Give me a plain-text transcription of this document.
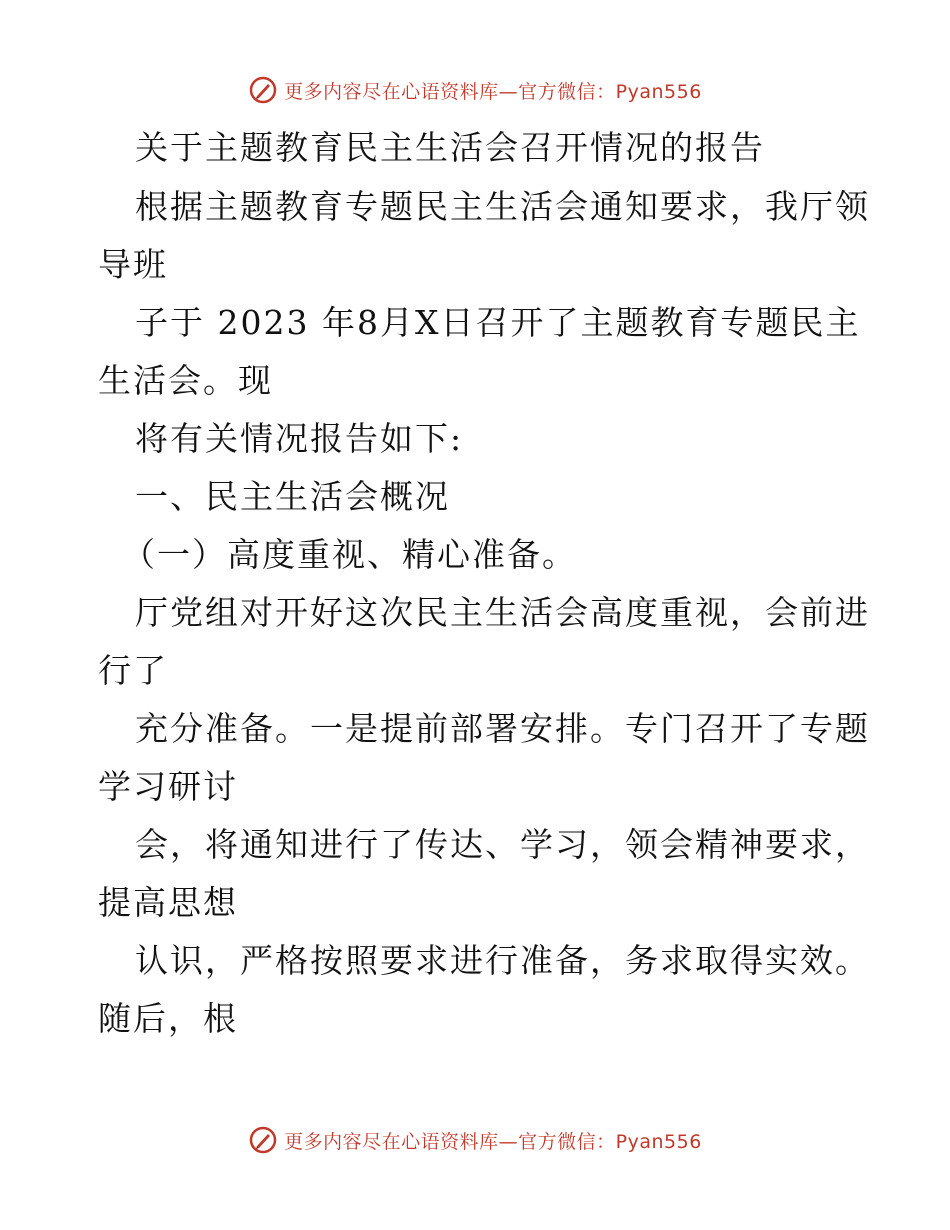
更多内容尽在心语资料库—官方微信：Pyan556
关于主题教育民主生活会召开情况的报告
根据主题教育专题民主生活会通知要求，我厅领
导班
子于 2023 年8月X日召开了主题教育专题民主
生活会。现
将有关情况报告如下:
一、民主生活会概况
（一）高度重视、精心准备。
厅党组对开好这次民主生活会高度重视，会前进
行了
充分准备。一是提前部署安排。专门召开了专题
学习研讨
会，将通知进行了传达、学习，领会精神要求，
提高思想
认识，严格按照要求进行准备，务求取得实效。
随后，根
更多内容尽在心语资料库—官方微信：Pyan556
